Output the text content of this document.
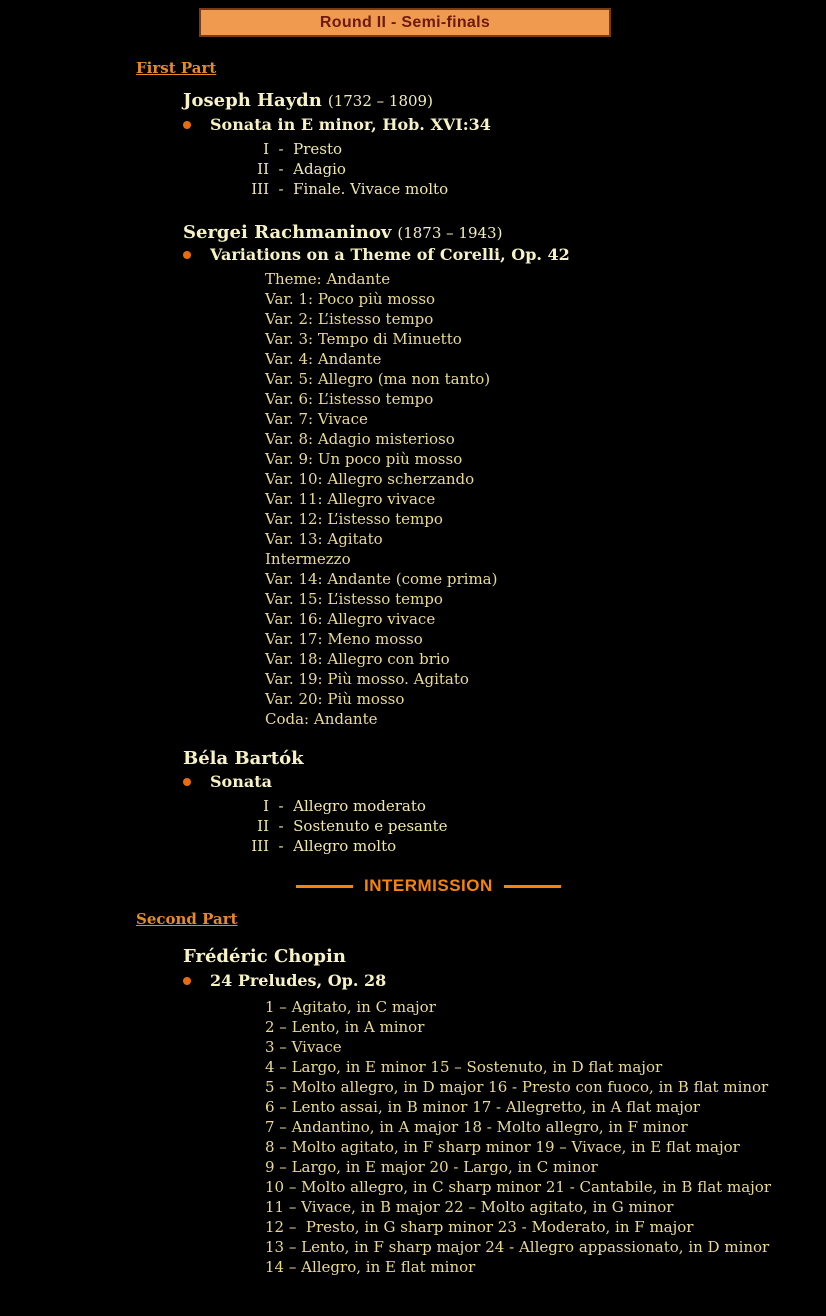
Round II - Semi-finals
First Part
Joseph Haydn (1732 – 1809)
Sonata in E minor, Hob. XVI:34
I  -  Presto
II  -  Adagio
III  -  Finale. Vivace molto
Sergei Rachmaninov (1873 – 1943)
Variations on a Theme of Corelli, Op. 42
Theme: Andante
Var. 1: Poco più mosso
Var. 2: L’istesso tempo
Var. 3: Tempo di Minuetto
Var. 4: Andante
Var. 5: Allegro (ma non tanto)
Var. 6: L’istesso tempo
Var. 7: Vivace
Var. 8: Adagio misterioso
Var. 9: Un poco più mosso
Var. 10: Allegro scherzando
Var. 11: Allegro vivace
Var. 12: L’istesso tempo
Var. 13: Agitato
Intermezzo
Var. 14: Andante (come prima)
Var. 15: L’istesso tempo
Var. 16: Allegro vivace
Var. 17: Meno mosso
Var. 18: Allegro con brio
Var. 19: Più mosso. Agitato
Var. 20: Più mosso
Coda: Andante
Béla Bartók
Sonata
I  -  Allegro moderato
II  -  Sostenuto e pesante
III  -  Allegro molto
INTERMISSION
Second Part
Frédéric Chopin
24 Preludes, Op. 28
1 – Agitato, in C major
2 – Lento, in A minor
3 – Vivace
4 – Largo, in E minor 15 – Sostenuto, in D flat major
5 – Molto allegro, in D major 16 - Presto con fuoco, in B flat minor
6 – Lento assai, in B minor 17 - Allegretto, in A flat major
7 – Andantino, in A major 18 - Molto allegro, in F minor
8 – Molto agitato, in F sharp minor 19 – Vivace, in E flat major
9 – Largo, in E major 20 - Largo, in C minor
10 – Molto allegro, in C sharp minor 21 - Cantabile, in B flat major
11 – Vivace, in B major 22 – Molto agitato, in G minor
12 –  Presto, in G sharp minor 23 - Moderato, in F major
13 – Lento, in F sharp major 24 - Allegro appassionato, in D minor
14 – Allegro, in E flat minor
